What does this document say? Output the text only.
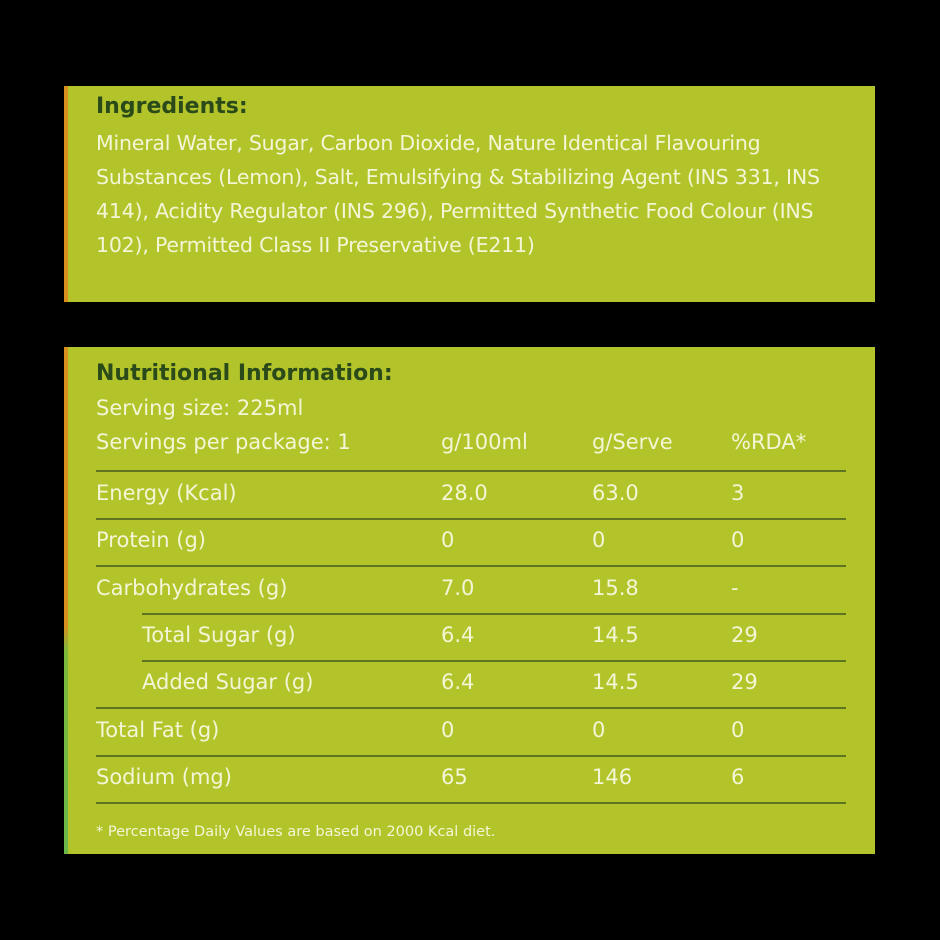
Ingredients:
Mineral Water, Sugar, Carbon Dioxide, Nature Identical Flavouring Substances (Lemon), Salt, Emulsifying & Stabilizing Agent (INS 331, INS 414), Acidity Regulator (INS 296), Permitted Synthetic Food Colour (INS 102), Permitted Class II Preservative (E211)
Nutritional Information:
Serving size: 225ml
Servings per package: 1	g/100ml	g/Serve	%RDA*
Energy (Kcal)	28.0	63.0	3
Protein (g)	0	0	0
Carbohydrates (g)	7.0	15.8	-
Total Sugar (g)	6.4	14.5	29
Added Sugar (g)	6.4	14.5	29
Total Fat (g)	0	0	0
Sodium (mg)	65	146	6
* Percentage Daily Values are based on 2000 Kcal diet.
